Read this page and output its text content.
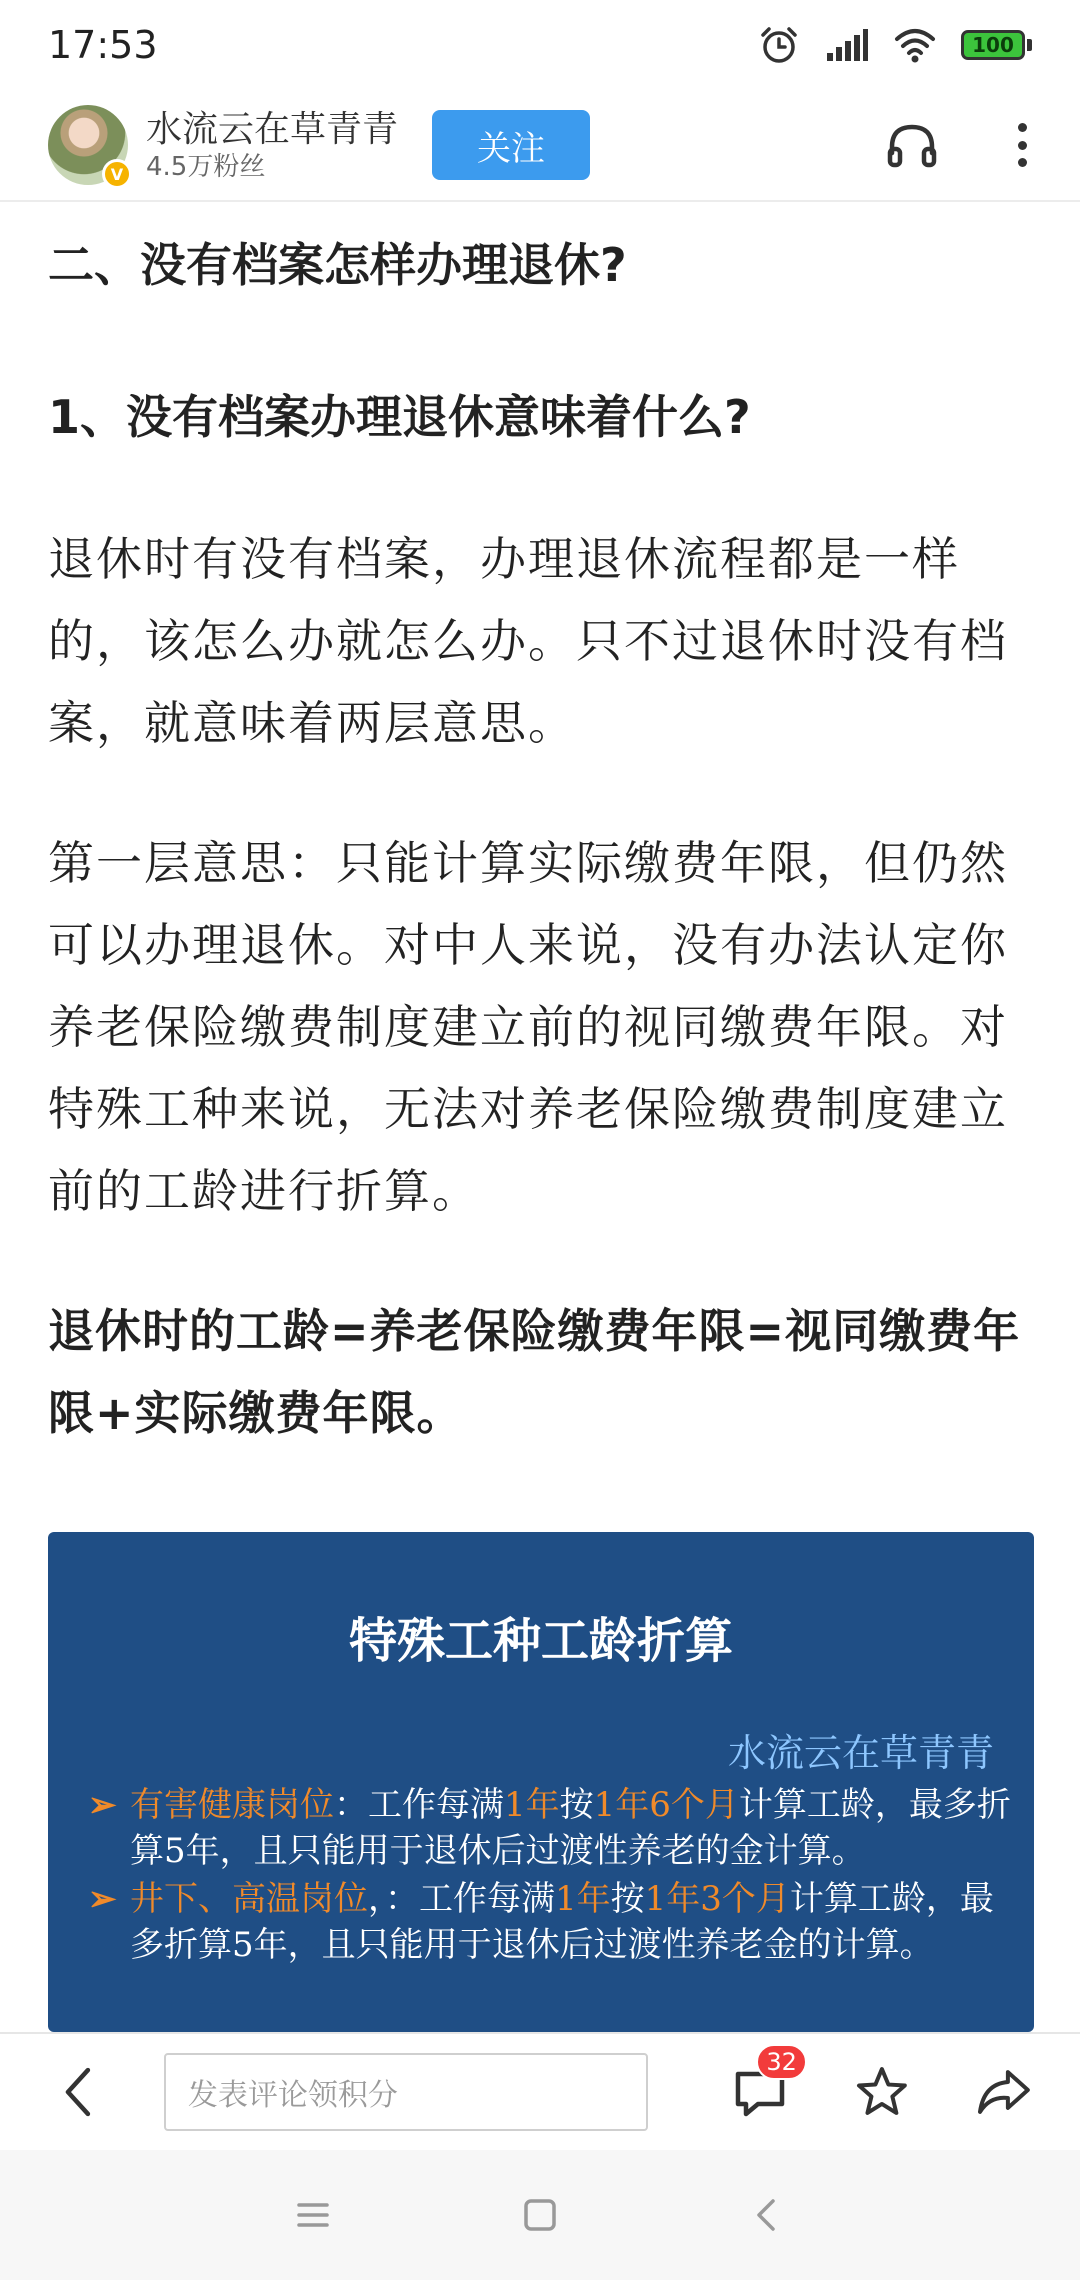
17:53	100
V
水流云在草青青
4.5万粉丝	关注

二、没有档案怎样办理退休?

1、没有档案办理退休意味着什么?

退休时有没有档案，办理退休流程都是一样的，该怎么办就怎么办。只不过退休时没有档案，就意味着两层意思。

第一层意思：只能计算实际缴费年限，但仍然可以办理退休。对中人来说，没有办法认定你养老保险缴费制度建立前的视同缴费年限。对特殊工种来说，无法对养老保险缴费制度建立前的工龄进行折算。

退休时的工龄=养老保险缴费年限=视同缴费年限+实际缴费年限。

特殊工种工龄折算
水流云在草青青
➢ 有害健康岗位：工作每满1年按1年6个月计算工龄，最多折算5年，且只能用于退休后过渡性养老的金计算。
➢ 井下、高温岗位，：工作每满1年按1年3个月计算工龄，最多折算5年，且只能用于退休后过渡性养老金的计算。
发表评论领积分
32
